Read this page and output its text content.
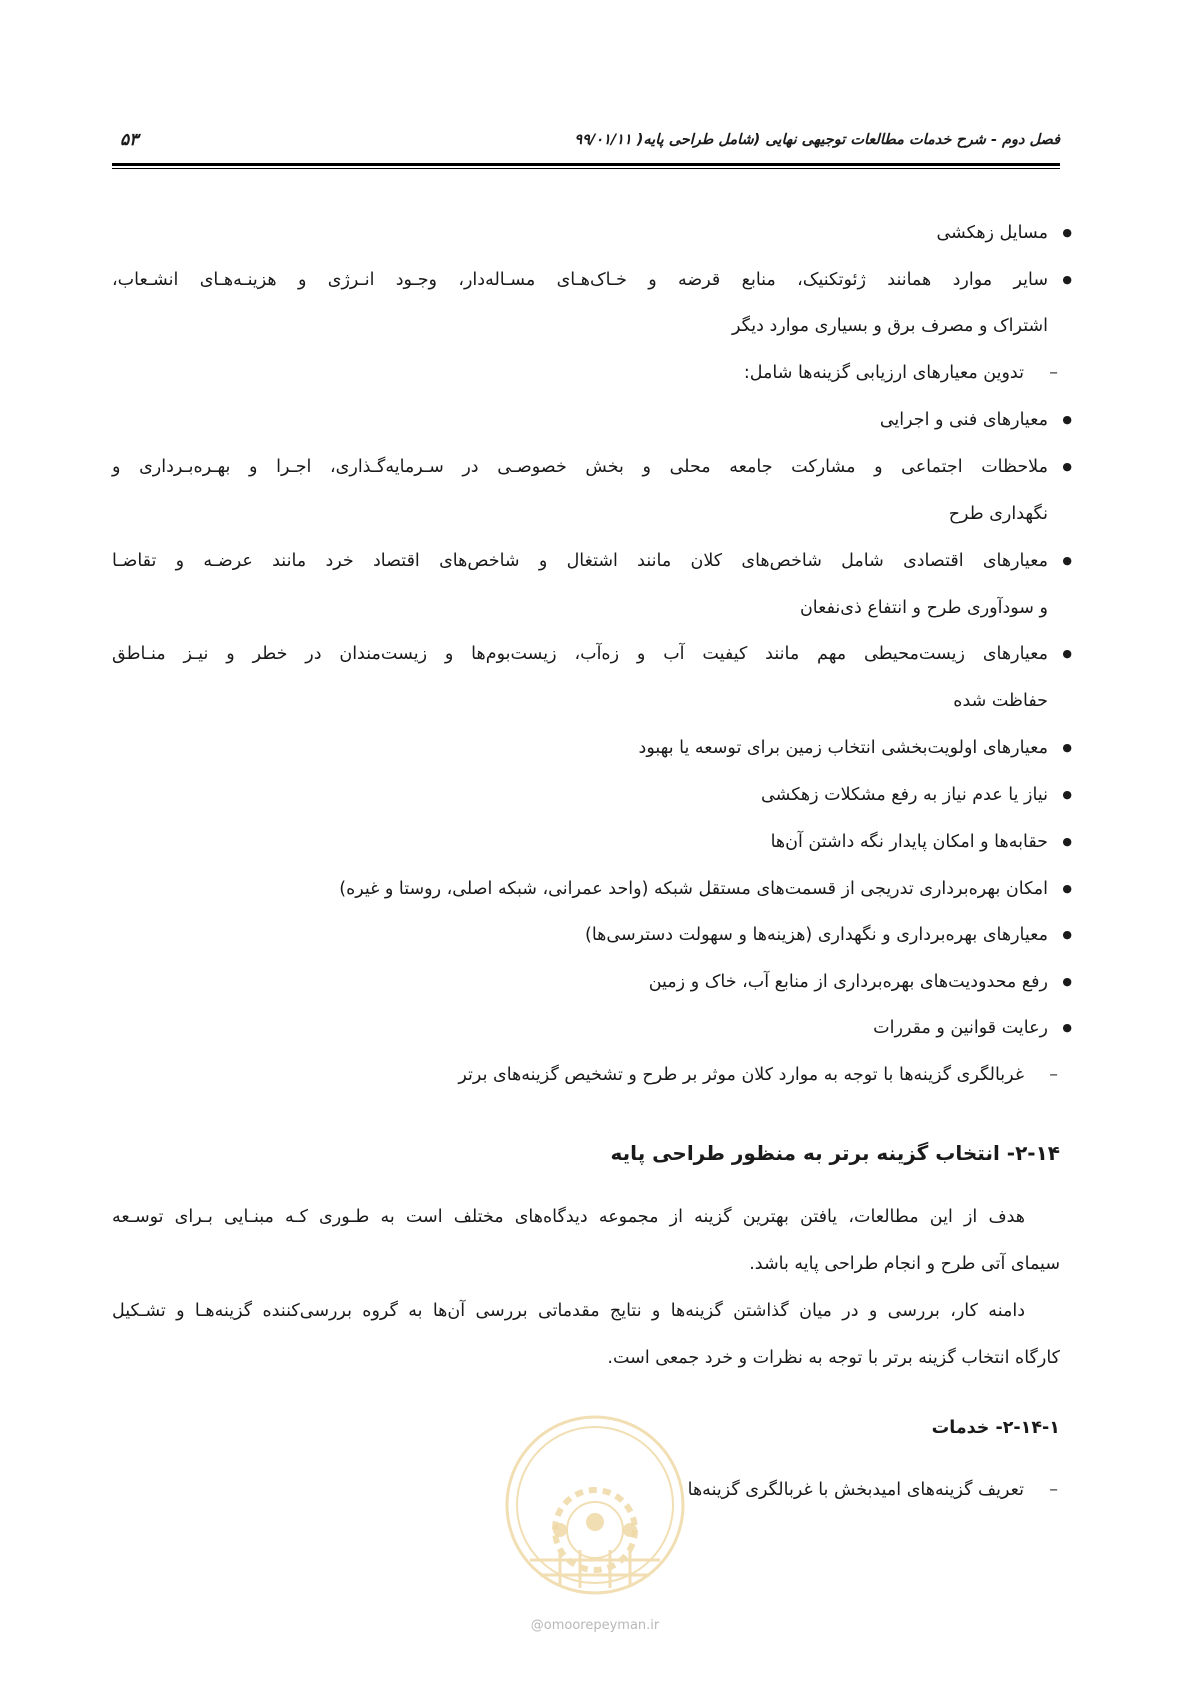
فصل دوم - شرح خدمات مطالعات توجیهی نهایی (شامل طراحی پایه( ۹۹/۰۱/۱۱
۵۳
● مسایل زهکشی
● سایر موارد همانند ژئوتکنیک، منابع قرضه و خـاک‌هـای مسـاله‌دار، وجـود انـرژی و هزینـه‌هـای انشـعاب،
اشتراک و مصرف برق و بسیاری موارد دیگر
– تدوین معیارهای ارزیابی گزینه‌ها شامل:
● معیارهای فنی و اجرایی
● ملاحظات اجتماعی و مشارکت جامعه محلی و بخش خصوصـی در سـرمایه‌گـذاری، اجـرا و بهـره‌بـرداری و
نگهداری طرح
● معیارهای اقتصادی شامل شاخص‌های کلان مانند اشتغال و شاخص‌های اقتصاد خرد مانند عرضـه و تقاضـا
و سودآوری طرح و انتفاع ذی‌نفعان
● معیارهای زیست‌محیطی مهم مانند کیفیت آب و زه‌آب، زیست‌بوم‌ها و زیست‌مندان در خطر و نیـز منـاطق
حفاظت شده
● معیارهای اولویت‌بخشی انتخاب زمین برای توسعه یا بهبود
● نیاز یا عدم نیاز به رفع مشکلات زهکشی
● حقابه‌ها و امکان پایدار نگه داشتن آن‌ها
● امکان بهره‌برداری تدریجی از قسمت‌های مستقل شبکه (واحد عمرانی، شبکه اصلی، روستا و غیره)
● معیارهای بهره‌برداری و نگهداری (هزینه‌ها و سهولت دسترسی‌ها)
● رفع محدودیت‌های بهره‌برداری از منابع آب، خاک و زمین
● رعایت قوانین و مقررات
– غربالگری گزینه‌ها با توجه به موارد کلان موثر بر طرح و تشخیص گزینه‌های برتر
۲-۱۴- انتخاب گزینه برتر به منظور طراحی پایه
هدف از این مطالعات، یافتن بهترین گزینه از مجموعه دیدگاه‌های مختلف است به طـوری کـه مبنـایی بـرای توسـعه
سیمای آتی طرح و انجام طراحی پایه باشد.
دامنه کار، بررسی و در میان گذاشتن گزینه‌ها و نتایج مقدماتی بررسی آن‌ها به گروه بررسی‌کننده گزینه‌هـا و تشـکیل
کارگاه انتخاب گزینه برتر با توجه به نظرات و خرد جمعی است.
۲-۱۴-۱- خدمات
– تعریف گزینه‌های امیدبخش با غربالگری گزینه‌ها
@omoorepeyman.ir
